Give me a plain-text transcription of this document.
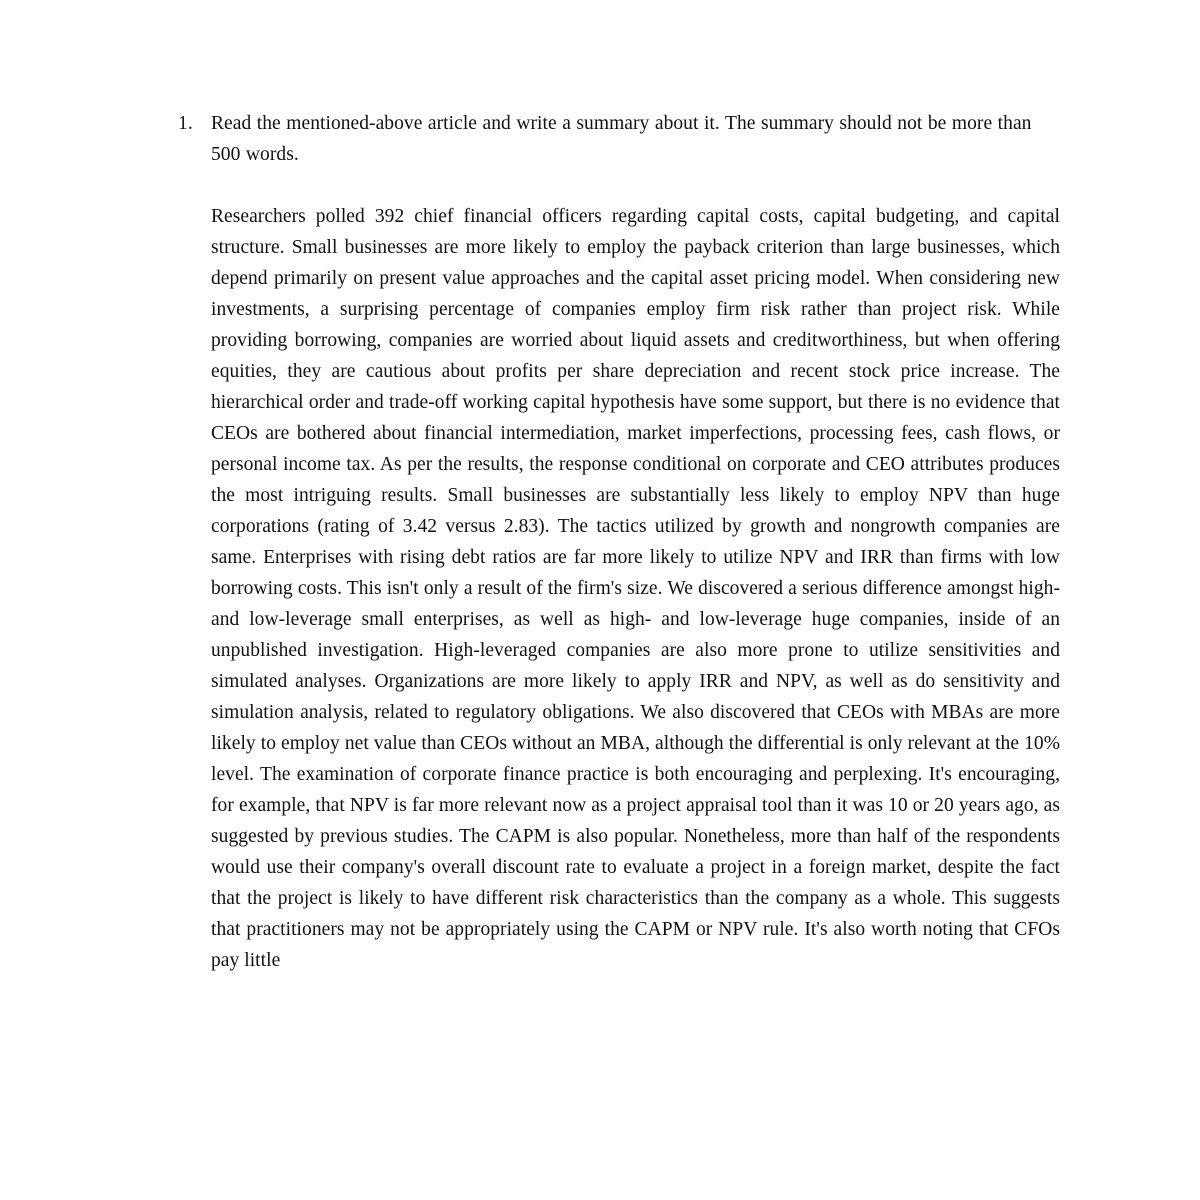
1. Read the mentioned-above article and write a summary about it. The summary should not be more than 500 words.

Researchers polled 392 chief financial officers regarding capital costs, capital budgeting, and capital structure. Small businesses are more likely to employ the payback criterion than large businesses, which depend primarily on present value approaches and the capital asset pricing model. When considering new investments, a surprising percentage of companies employ firm risk rather than project risk. While providing borrowing, companies are worried about liquid assets and creditworthiness, but when offering equities, they are cautious about profits per share depreciation and recent stock price increase. The hierarchical order and trade-off working capital hypothesis have some support, but there is no evidence that CEOs are bothered about financial intermediation, market imperfections, processing fees, cash flows, or personal income tax. As per the results, the response conditional on corporate and CEO attributes produces the most intriguing results. Small businesses are substantially less likely to employ NPV than huge corporations (rating of 3.42 versus 2.83). The tactics utilized by growth and nongrowth companies are same. Enterprises with rising debt ratios are far more likely to utilize NPV and IRR than firms with low borrowing costs. This isn't only a result of the firm's size. We discovered a serious difference amongst high- and low-leverage small enterprises, as well as high- and low-leverage huge companies, inside of an unpublished investigation. High-leveraged companies are also more prone to utilize sensitivities and simulated analyses. Organizations are more likely to apply IRR and NPV, as well as do sensitivity and simulation analysis, related to regulatory obligations. We also discovered that CEOs with MBAs are more likely to employ net value than CEOs without an MBA, although the differential is only relevant at the 10% level. The examination of corporate finance practice is both encouraging and perplexing. It's encouraging, for example, that NPV is far more relevant now as a project appraisal tool than it was 10 or 20 years ago, as suggested by previous studies. The CAPM is also popular. Nonetheless, more than half of the respondents would use their company's overall discount rate to evaluate a project in a foreign market, despite the fact that the project is likely to have different risk characteristics than the company as a whole. This suggests that practitioners may not be appropriately using the CAPM or NPV rule. It's also worth noting that CFOs pay little
